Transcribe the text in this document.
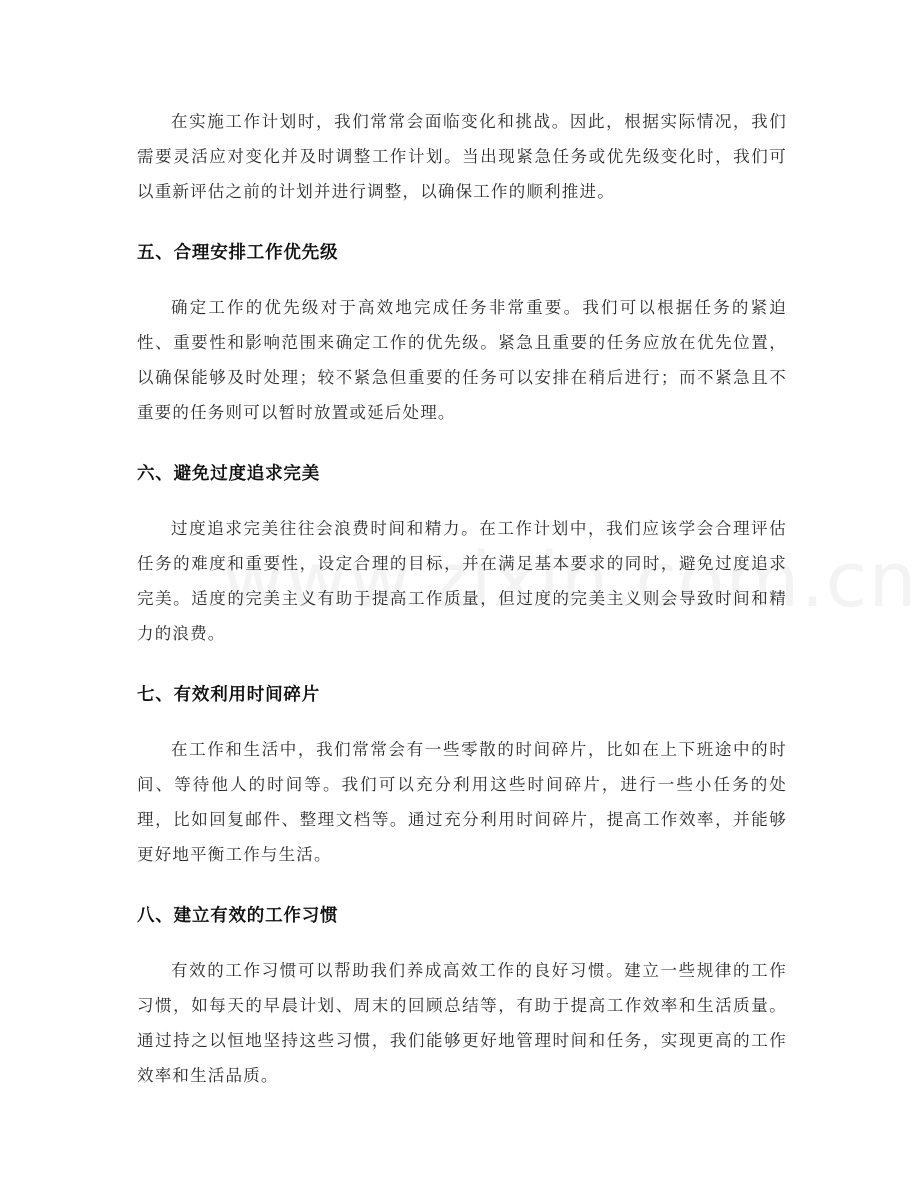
在实施工作计划时，我们常常会面临变化和挑战。因此，根据实际情况，我们需要灵活应对变化并及时调整工作计划。当出现紧急任务或优先级变化时，我们可以重新评估之前的计划并进行调整，以确保工作的顺利推进。

五、合理安排工作优先级

确定工作的优先级对于高效地完成任务非常重要。我们可以根据任务的紧迫性、重要性和影响范围来确定工作的优先级。紧急且重要的任务应放在优先位置，以确保能够及时处理；较不紧急但重要的任务可以安排在稍后进行；而不紧急且不重要的任务则可以暂时放置或延后处理。

六、避免过度追求完美

过度追求完美往往会浪费时间和精力。在工作计划中，我们应该学会合理评估任务的难度和重要性，设定合理的目标，并在满足基本要求的同时，避免过度追求完美。适度的完美主义有助于提高工作质量，但过度的完美主义则会导致时间和精力的浪费。

七、有效利用时间碎片

在工作和生活中，我们常常会有一些零散的时间碎片，比如在上下班途中的时间、等待他人的时间等。我们可以充分利用这些时间碎片，进行一些小任务的处理，比如回复邮件、整理文档等。通过充分利用时间碎片，提高工作效率，并能够更好地平衡工作与生活。

八、建立有效的工作习惯

有效的工作习惯可以帮助我们养成高效工作的良好习惯。建立一些规律的工作习惯，如每天的早晨计划、周末的回顾总结等，有助于提高工作效率和生活质量。通过持之以恒地坚持这些习惯，我们能够更好地管理时间和任务，实现更高的工作效率和生活品质。
